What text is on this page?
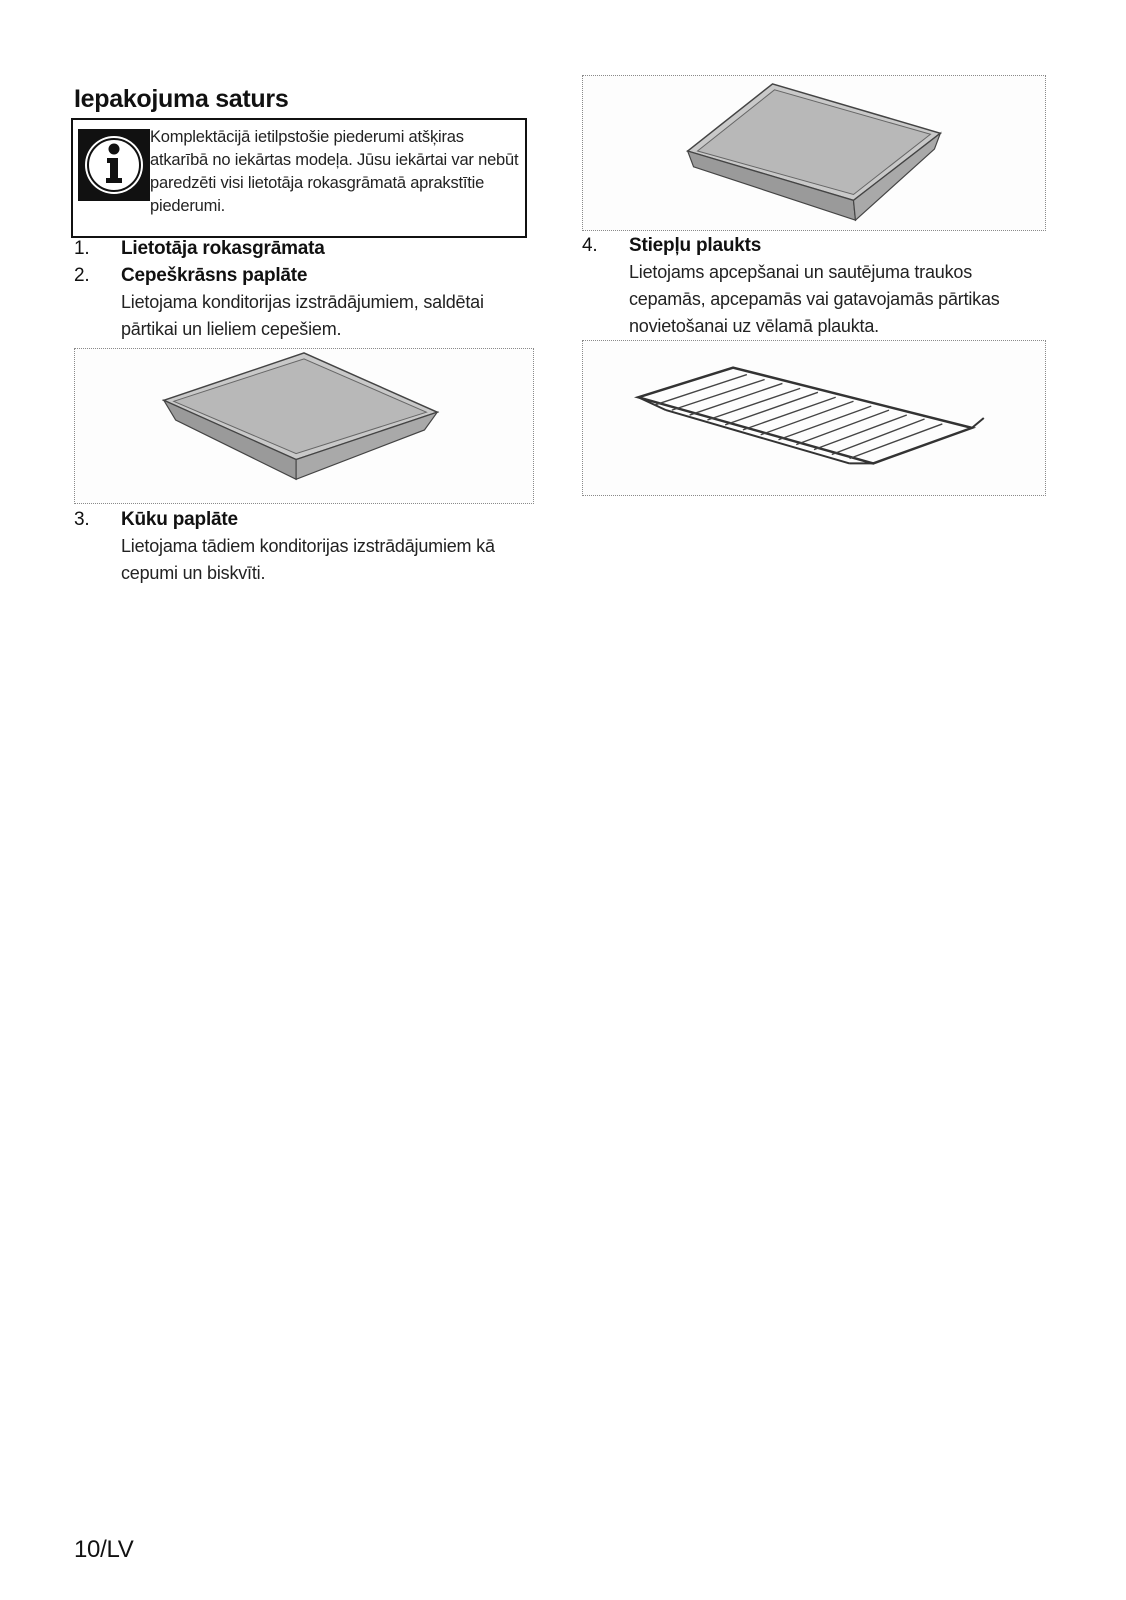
Iepakojuma saturs
Komplektācijā ietilpstošie piederumi atšķiras atkarībā no iekārtas modeļa. Jūsu iekārtai var nebūt paredzēti visi lietotāja rokasgrāmatā aprakstītie piederumi.
1. Lietotāja rokasgrāmata
2. Cepeškrāsns paplāte
Lietojama konditorijas izstrādājumiem, saldētai pārtikai un lieliem cepešiem.
3. Kūku paplāte
Lietojama tādiem konditorijas izstrādājumiem kā cepumi un biskvīti.
4. Stiepļu plaukts
Lietojams apcepšanai un sautējuma traukos cepamās, apcepamās vai gatavojamās pārtikas novietošanai uz vēlamā plaukta.
10/LV
